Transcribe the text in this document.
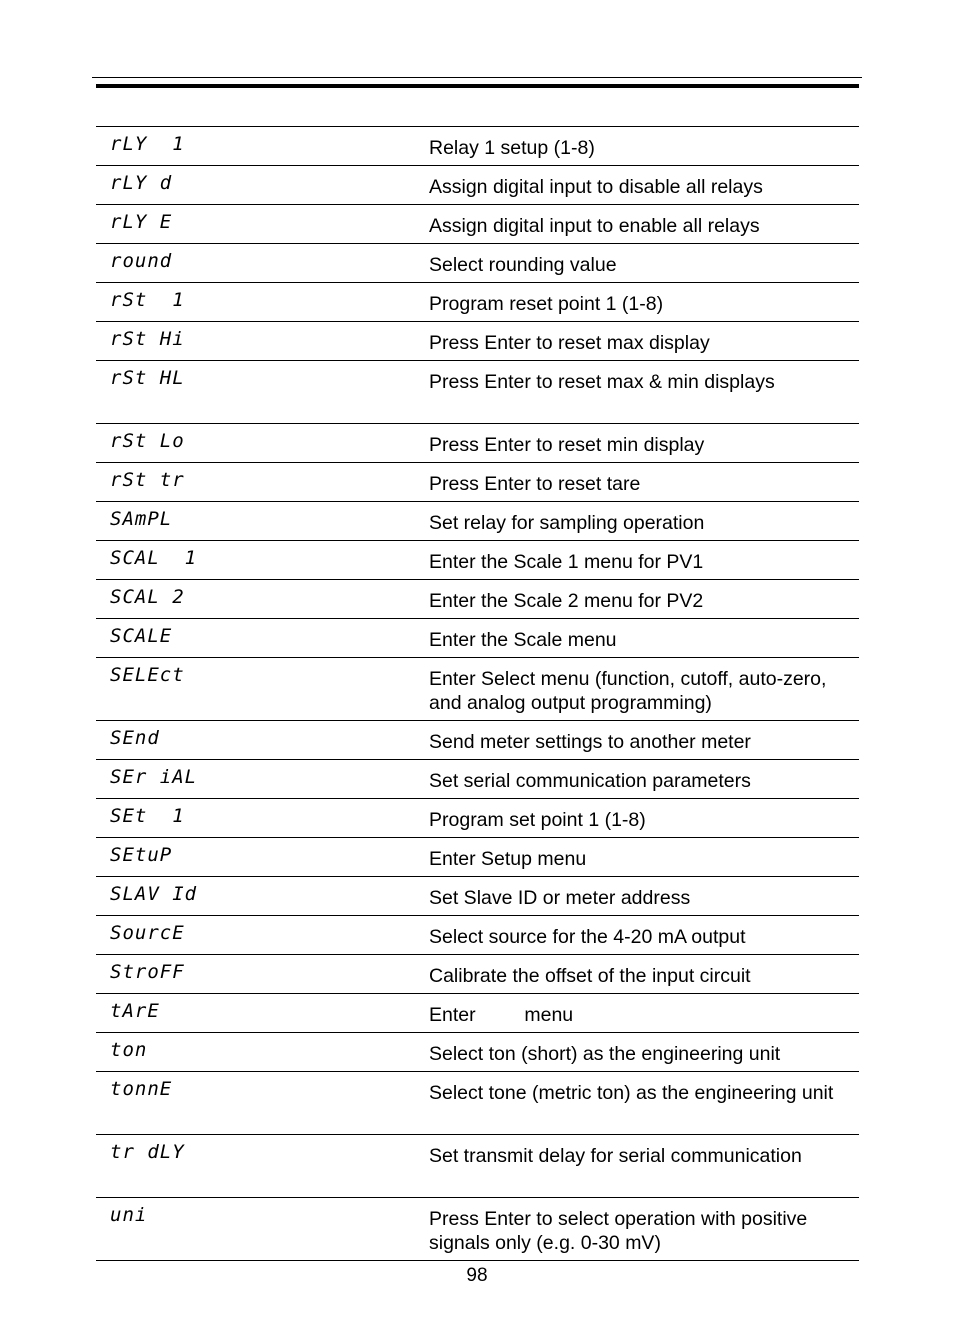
rLY  1	Relay 1 setup (1-8)
rLY d	Assign digital input to disable all relays
rLY E	Assign digital input to enable all relays
round	Select rounding value
rSt  1	Program reset point 1 (1-8)
rSt Hi	Press Enter to reset max display
rSt HL	Press Enter to reset max & min displays
rSt Lo	Press Enter to reset min display
rSt tr	Press Enter to reset tare
SAmPL	Set relay for sampling operation
SCAL  1	Enter the Scale 1 menu for PV1
SCAL 2	Enter the Scale 2 menu for PV2
SCALE	Enter the Scale menu
SELEct	Enter Select menu (function, cutoff, auto-zero, and analog output programming)
SEnd	Send meter settings to another meter
SEr iAL	Set serial communication parameters
SEt  1	Program set point 1 (1-8)
SEtuP	Enter Setup menu
SLAV Id	Set Slave ID or meter address
SourcE	Select source for the 4-20 mA output
StroFF	Calibrate the offset of the input circuit
tArE	Enter         menu
ton	Select ton (short) as the engineering unit
tonnE	Select tone (metric ton) as the engineering unit
tr dLY	Set transmit delay for serial communication
uni	Press Enter to select operation with positive signals only (e.g. 0-30 mV)
98
